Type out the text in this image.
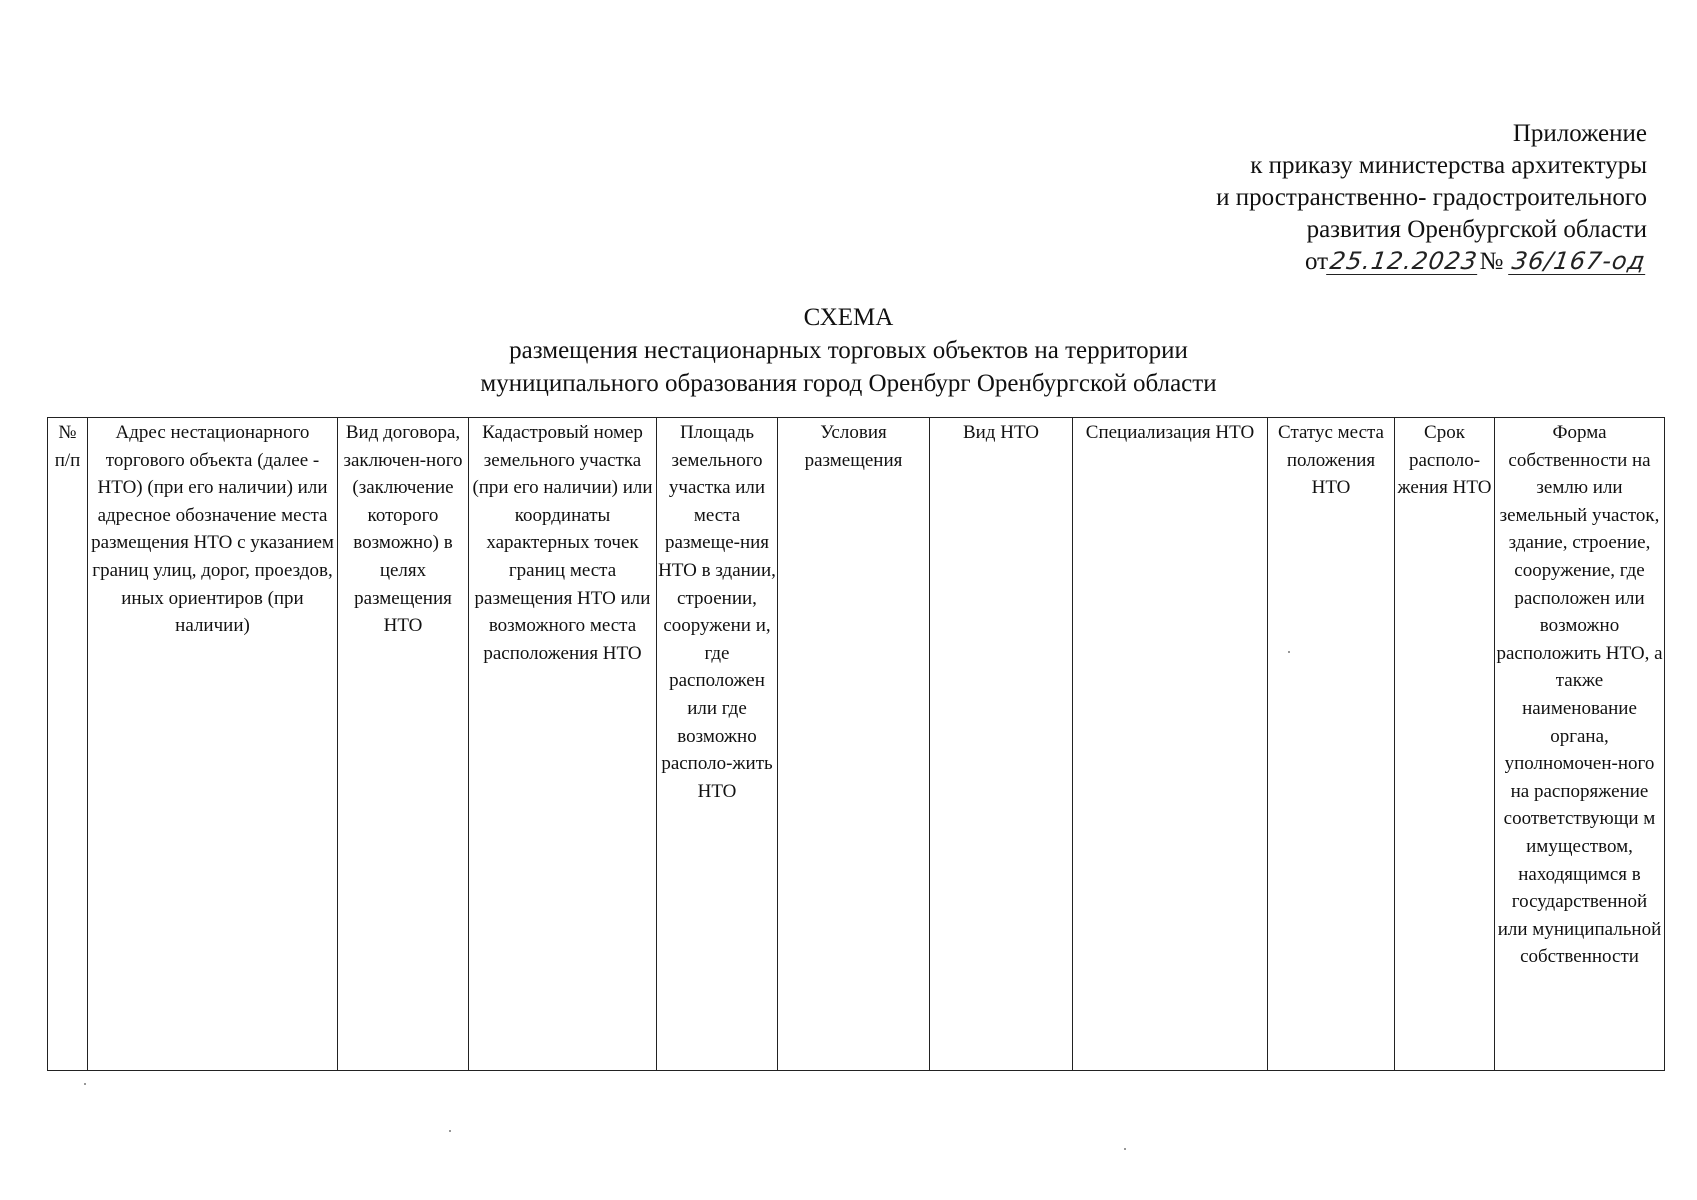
Приложение
к приказу министерства архитектуры
и пространственно- градостроительного
развития Оренбургской области
от25.12.2023№ 36/167-од
СХЕМА
размещения нестационарных торговых объектов на территории
муниципального образования город Оренбург Оренбургской области
№ п/п	Адрес нестационарного торгового объекта (далее - НТО) (при его наличии) или адресное обозначение места размещения НТО с указанием границ улиц, дорог, проездов, иных ориентиров (при наличии)	Вид договора, заключен-ного (заключение которого возможно) в целях размещения НТО	Кадастровый номер земельного участка (при его наличии) или координаты характерных точек границ места размещения НТО или возможного места расположения НТО	Площадь земельного участка или места размеще-ния НТО в здании, строении, сооружени и, где расположен или где возможно располо-жить НТО	Условия размещения	Вид НТО	Специализация НТО	Статус места положения НТО	Срок располо-жения НТО	Форма собственности на землю или земельный участок, здание, строение, сооружение, где расположен или возможно расположить НТО, а также наименование органа, уполномочен-ного на распоряжение соответствующи м имуществом, находящимся в государственной или муниципальной собственности
